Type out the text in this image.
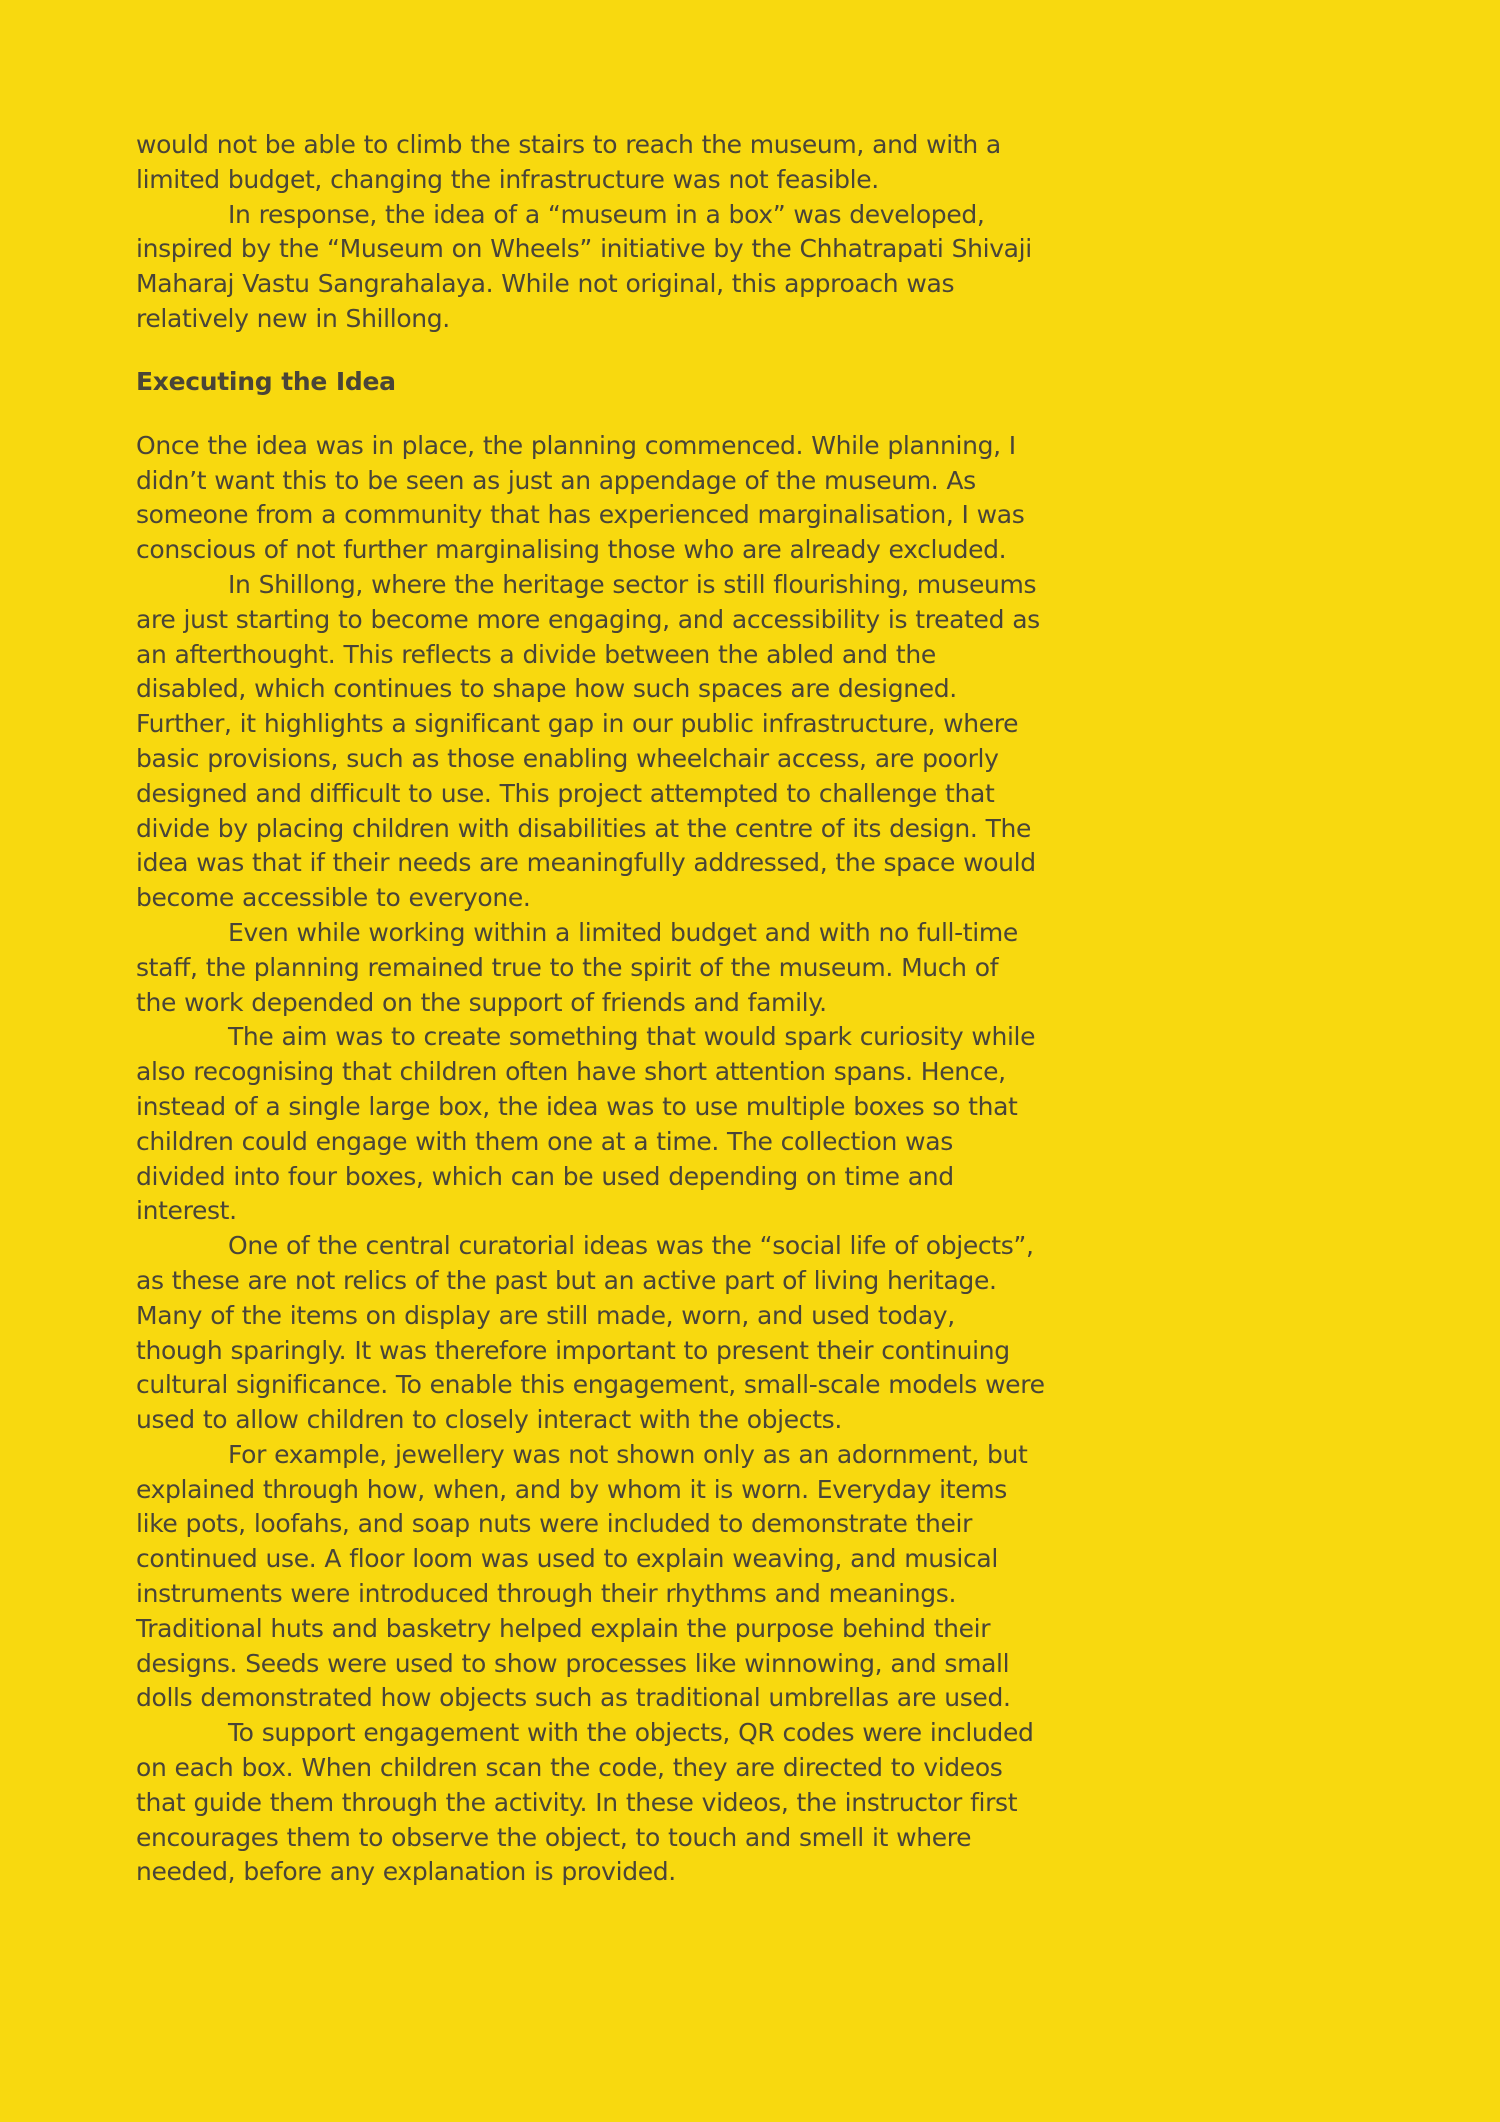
would not be able to climb the stairs to reach the museum, and with a limited budget, changing the infrastructure was not feasible.

In response, the idea of a “museum in a box” was developed, inspired by the “Museum on Wheels” initiative by the Chhatrapati Shivaji Maharaj Vastu Sangrahalaya. While not original, this approach was relatively new in Shillong.

Executing the Idea

Once the idea was in place, the planning commenced. While planning, I didn’t want this to be seen as just an appendage of the museum. As someone from a community that has experienced marginalisation, I was conscious of not further marginalising those who are already excluded.

In Shillong, where the heritage sector is still flourishing, museums are just starting to become more engaging, and accessibility is treated as an afterthought. This reflects a divide between the abled and the disabled, which continues to shape how such spaces are designed. Further, it highlights a significant gap in our public infrastructure, where basic provisions, such as those enabling wheelchair access, are poorly designed and difficult to use. This project attempted to challenge that divide by placing children with disabilities at the centre of its design. The idea was that if their needs are meaningfully addressed, the space would become accessible to everyone.

Even while working within a limited budget and with no full-time staff, the planning remained true to the spirit of the museum. Much of the work depended on the support of friends and family.

The aim was to create something that would spark curiosity while also recognising that children often have short attention spans. Hence, instead of a single large box, the idea was to use multiple boxes so that children could engage with them one at a time. The collection was divided into four boxes, which can be used depending on time and interest.

One of the central curatorial ideas was the “social life of objects”, as these are not relics of the past but an active part of living heritage. Many of the items on display are still made, worn, and used today, though sparingly. It was therefore important to present their continuing cultural significance. To enable this engagement, small-scale models were used to allow children to closely interact with the objects.

For example, jewellery was not shown only as an adornment, but explained through how, when, and by whom it is worn. Everyday items like pots, loofahs, and soap nuts were included to demonstrate their continued use. A floor loom was used to explain weaving, and musical instruments were introduced through their rhythms and meanings. Traditional huts and basketry helped explain the purpose behind their designs. Seeds were used to show processes like winnowing, and small dolls demonstrated how objects such as traditional umbrellas are used.

To support engagement with the objects, QR codes were included on each box. When children scan the code, they are directed to videos that guide them through the activity. In these videos, the instructor first encourages them to observe the object, to touch and smell it where needed, before any explanation is provided.
